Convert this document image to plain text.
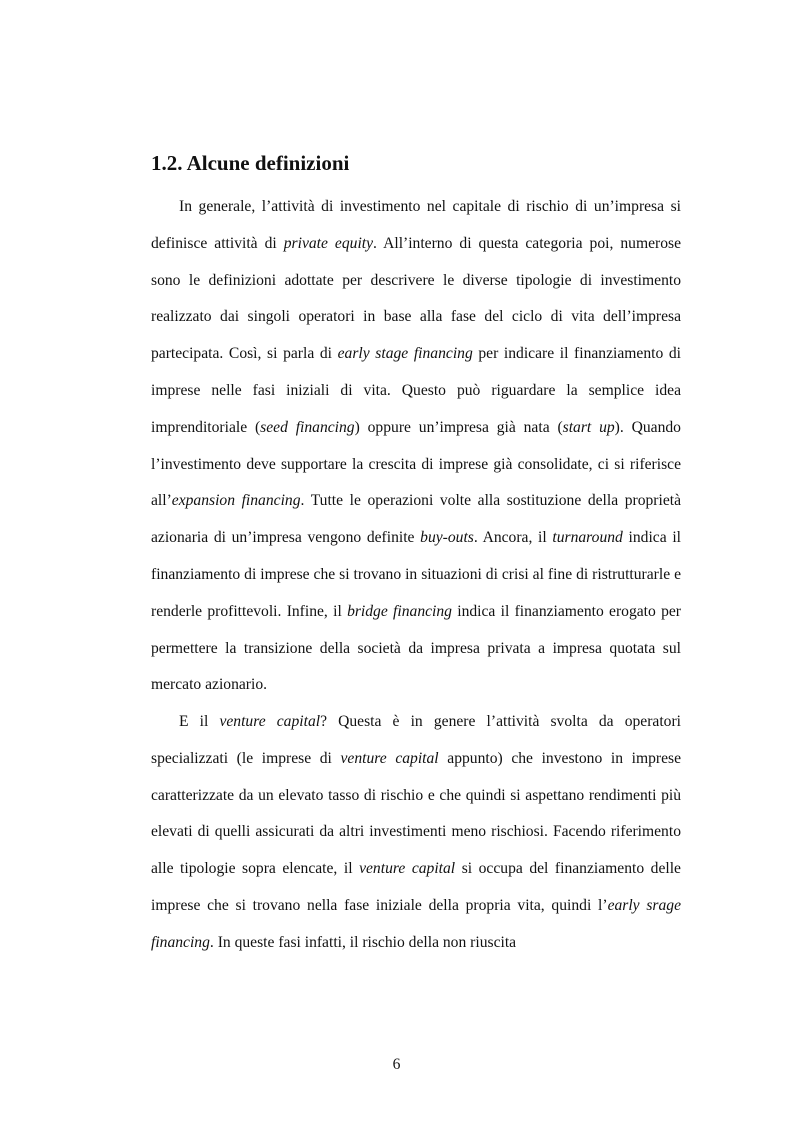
1.2. Alcune definizioni

In generale, l’attività di investimento nel capitale di rischio di un’impresa si definisce attività di private equity. All’interno di questa categoria poi, numerose sono le definizioni adottate per descrivere le diverse tipologie di investimento realizzato dai singoli operatori in base alla fase del ciclo di vita dell’impresa partecipata. Così, si parla di early stage financing per indicare il finanziamento di imprese nelle fasi iniziali di vita. Questo può riguardare la semplice idea imprenditoriale (seed financing) oppure un’impresa già nata (start up). Quando l’investimento deve supportare la crescita di imprese già consolidate, ci si riferisce all’expansion financing. Tutte le operazioni volte alla sostituzione della proprietà azionaria di un’impresa vengono definite buy-outs. Ancora, il turnaround indica il finanziamento di imprese che si trovano in situazioni di crisi al fine di ristrutturarle e renderle profittevoli. Infine, il bridge financing indica il finanziamento erogato per permettere la transizione della società da impresa privata a impresa quotata sul mercato azionario.

E il venture capital? Questa è in genere l’attività svolta da operatori specializzati (le imprese di venture capital appunto) che investono in imprese caratterizzate da un elevato tasso di rischio e che quindi si aspettano rendimenti più elevati di quelli assicurati da altri investimenti meno rischiosi. Facendo riferimento alle tipologie sopra elencate, il venture capital si occupa del finanziamento delle imprese che si trovano nella fase iniziale della propria vita, quindi l’early srage financing. In queste fasi infatti, il rischio della non riuscita

6
